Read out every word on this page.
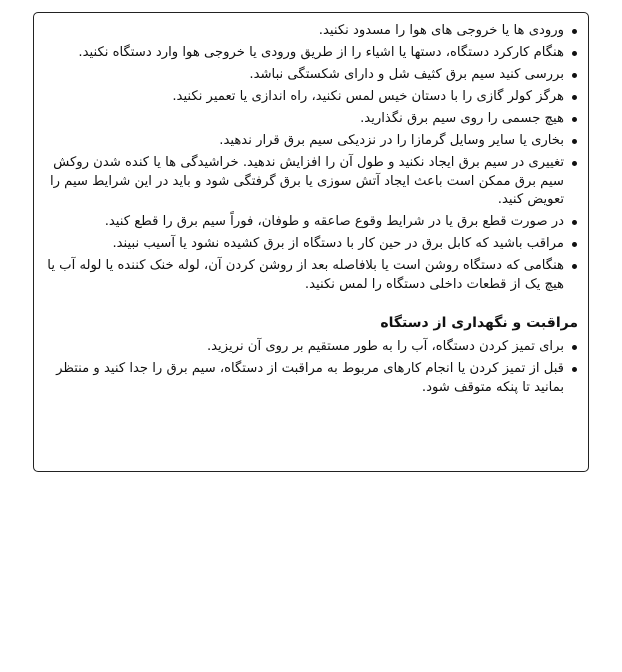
ورودی ها یا خروجی های هوا را مسدود نکنید.
هنگام کارکرد دستگاه، دستها یا اشیاء را از طریق ورودی یا خروجی هوا وارد دستگاه نکنید.
بررسی کنید سیم برق کثیف شل و دارای شکستگی نباشد.
هرگز کولر گازی را با دستان خیس لمس نکنید، راه اندازی یا تعمیر نکنید.
هیچ جسمی را روی سیم برق نگذارید.
بخاری یا سایر وسایل گرمازا را در نزدیکی سیم برق قرار ندهید.
تغییری در سیم برق ایجاد نکنید و طول آن را افزایش ندهید. خراشیدگی ها یا کنده شدن روکش سیم برق ممکن است باعث ایجاد آتش سوزی یا برق گرفتگی شود و باید در این شرایط سیم را تعویض کنید.
در صورت قطع برق یا در شرایط وقوع صاعقه و طوفان، فوراً سیم برق را قطع کنید.
مراقب باشید که کابل برق در حین کار با دستگاه از برق کشیده نشود یا آسیب نبیند.
هنگامی که دستگاه روشن است یا بلافاصله بعد از روشن کردن آن، لوله خنک کننده یا لوله آب یا هیچ یک از قطعات داخلی دستگاه را لمس نکنید.
مراقبت و نگهداری از دستگاه
برای تمیز کردن دستگاه، آب را به طور مستقیم بر روی آن نریزید.
قبل از تمیز کردن یا انجام کارهای مربوط به مراقبت از دستگاه، سیم برق را جدا کنید و منتظر بمانید تا پنکه متوقف شود.
